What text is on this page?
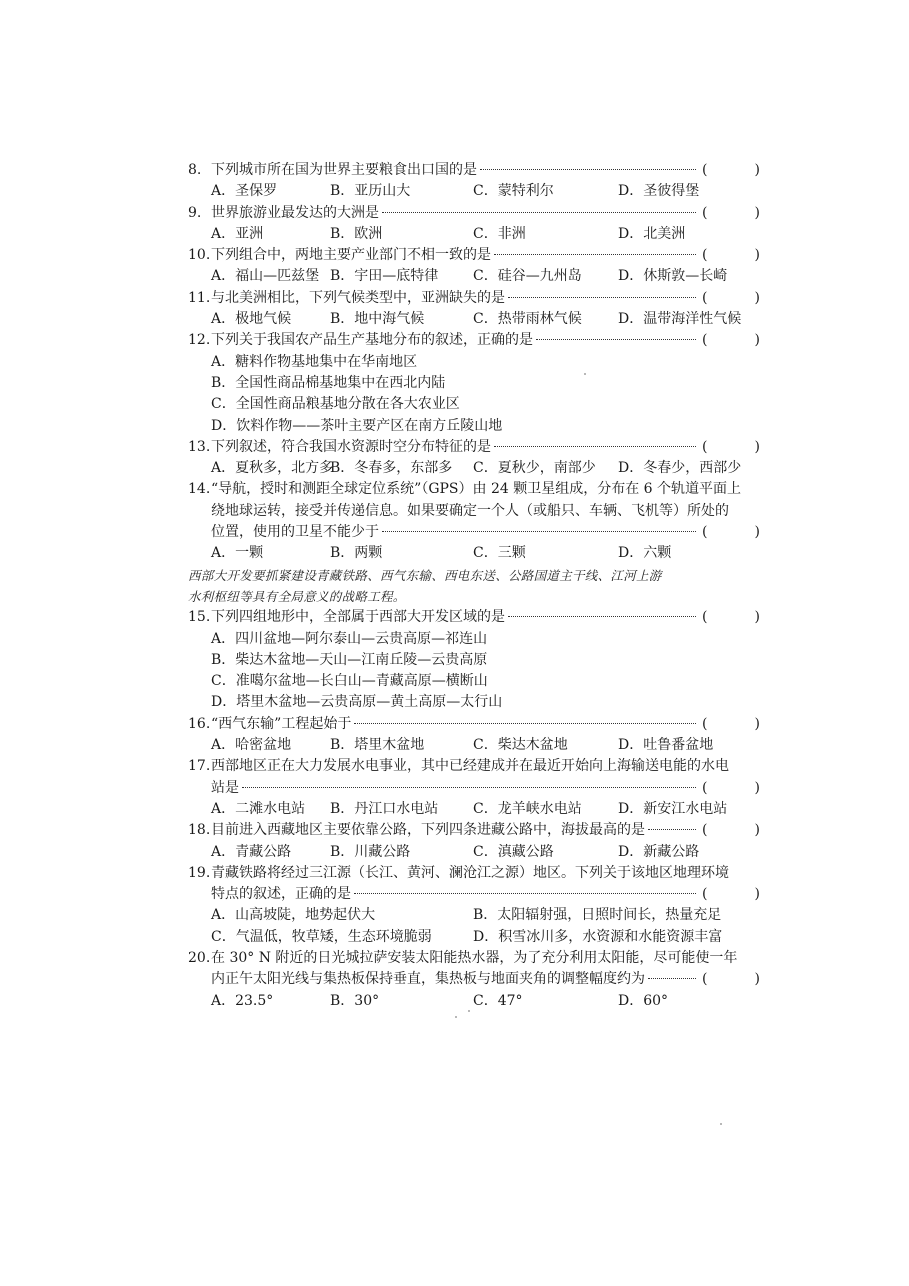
8. 下列城市所在国为世界主要粮食出口国的是	(	)
A．圣保罗	B．亚历山大	C．蒙特利尔	D．圣彼得堡
9. 世界旅游业最发达的大洲是	(	)
A．亚洲	B．欧洲	C．非洲	D．北美洲
10. 下列组合中，两地主要产业部门不相一致的是	(	)
A．福山—匹兹堡 B．宇田—底特律	C．硅谷—九州岛	D．休斯敦—长崎
11. 与北美洲相比，下列气候类型中，亚洲缺失的是	(	)
A．极地气候	B．地中海气候	C．热带雨林气候	D．温带海洋性气候
12. 下列关于我国农产品生产基地分布的叙述，正确的是	(	)
A．糖料作物基地集中在华南地区
B．全国性商品棉基地集中在西北内陆
C．全国性商品粮基地分散在各大农业区
D．饮料作物——茶叶主要产区在南方丘陵山地
13. 下列叙述，符合我国水资源时空分布特征的是	(	)
A．夏秋多，北方多
B．冬春多，东部多	C．夏秋少，南部少	D．冬春少，西部少
14.“导航，授时和测距全球定位系统”（GPS）由 24 颗卫星组成，分布在 6 个轨道平面上
绕地球运转，接受并传递信息。如果要确定一个人（或船只、车辆、飞机等）所处的
位置，使用的卫星不能少于	(	)
A．一颗	B．两颗	C．三颗	D．六颗
西部大开发要抓紧建设青藏铁路、西气东输、西电东送、公路国道主干线、江河上游
水利枢纽等具有全局意义的战略工程。
15. 下列四组地形中，全部属于西部大开发区域的是	(	)
A．四川盆地—阿尔泰山—云贵高原—祁连山
B．柴达木盆地—天山—江南丘陵—云贵高原
C．准噶尔盆地—长白山—青藏高原—横断山
D．塔里木盆地—云贵高原—黄土高原—太行山
16. “西气东输”工程起始于	(	)
A．哈密盆地	B．塔里木盆地	C．柴达木盆地	D．吐鲁番盆地
17.西部地区正在大力发展水电事业，其中已经建成并在最近开始向上海输送电能的水电
站是	(	)
A．二滩水电站	B．丹江口水电站	C．龙羊峡水电站	D．新安江水电站
18. 目前进入西藏地区主要依靠公路，下列四条进藏公路中，海拔最高的是	(	)
A．青藏公路	B．川藏公路	C．滇藏公路	D．新藏公路
19.青藏铁路将经过三江源（长江、黄河、澜沧江之源）地区。下列关于该地区地理环境
特点的叙述，正确的是	(	)
A．山高坡陡，地势起伏大	B．太阳辐射强，日照时间长，热量充足
C．气温低，牧草矮，生态环境脆弱	D．积雪冰川多，水资源和水能资源丰富
20.在 30° N 附近的日光城拉萨安装太阳能热水器，为了充分利用太阳能，尽可能使一年
内正午太阳光线与集热板保持垂直，集热板与地面夹角的调整幅度约为	(	)
A．23.5°	B．30°	C．47°	D．60°
